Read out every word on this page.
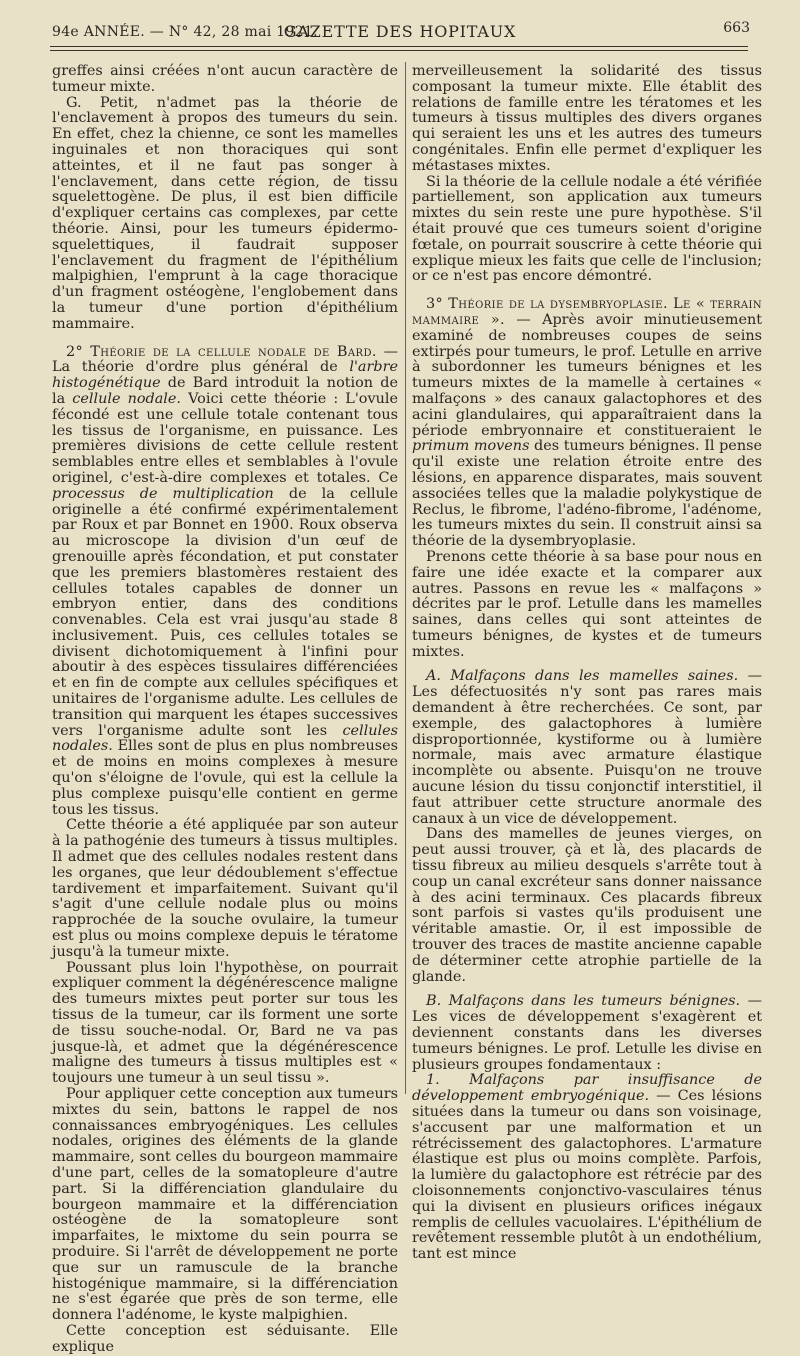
94e ANNÉE. — N° 42, 28 mai 1921.
GAZETTE DES HOPITAUX	663

greffes ainsi créées n'ont aucun caractère de tumeur mixte.

G. Petit, n'admet pas la théorie de l'enclavement à propos des tumeurs du sein. En effet, chez la chienne, ce sont les mamelles inguinales et non thoraciques qui sont atteintes, et il ne faut pas songer à l'enclavement, dans cette région, de tissu squelettogène. De plus, il est bien difficile d'expliquer certains cas complexes, par cette théorie. Ainsi, pour les tumeurs épidermo-squelettiques, il faudrait supposer l'enclavement du fragment de l'épithélium malpighien, l'emprunt à la cage thoracique d'un fragment ostéogène, l'englobement dans la tumeur d'une portion d'épithélium mammaire.

2° Théorie de la cellule nodale de Bard. — La théorie d'ordre plus général de l'arbre histogénétique de Bard introduit la notion de la cellule nodale. Voici cette théorie : L'ovule fécondé est une cellule totale contenant tous les tissus de l'organisme, en puissance. Les premières divisions de cette cellule restent semblables entre elles et semblables à l'ovule originel, c'est-à-dire complexes et totales. Ce processus de multiplication de la cellule originelle a été confirmé expérimentalement par Roux et par Bonnet en 1900. Roux observa au microscope la division d'un œuf de grenouille après fécondation, et put constater que les premiers blastomères restaient des cellules totales capables de donner un embryon entier, dans des conditions convenables. Cela est vrai jusqu'au stade 8 inclusivement. Puis, ces cellules totales se divisent dichotomiquement à l'infini pour aboutir à des espèces tissulaires différenciées et en fin de compte aux cellules spécifiques et unitaires de l'organisme adulte. Les cellules de transition qui marquent les étapes successives vers l'organisme adulte sont les cellules nodales. Elles sont de plus en plus nombreuses et de moins en moins complexes à mesure qu'on s'éloigne de l'ovule, qui est la cellule la plus complexe puisqu'elle contient en germe tous les tissus.

Cette théorie a été appliquée par son auteur à la pathogénie des tumeurs à tissus multiples. Il admet que des cellules nodales restent dans les organes, que leur dédoublement s'effectue tardivement et imparfaitement. Suivant qu'il s'agit d'une cellule nodale plus ou moins rapprochée de la souche ovulaire, la tumeur est plus ou moins complexe depuis le tératome jusqu'à la tumeur mixte.

Poussant plus loin l'hypothèse, on pourrait expliquer comment la dégénérescence maligne des tumeurs mixtes peut porter sur tous les tissus de la tumeur, car ils forment une sorte de tissu souche-nodal. Or, Bard ne va pas jusque-là, et admet que la dégénérescence maligne des tumeurs à tissus multiples est « toujours une tumeur à un seul tissu ».

Pour appliquer cette conception aux tumeurs mixtes du sein, battons le rappel de nos connaissances embryogéniques. Les cellules nodales, origines des éléments de la glande mammaire, sont celles du bourgeon mammaire d'une part, celles de la somatopleure d'autre part. Si la différenciation glandulaire du bourgeon mammaire et la différenciation ostéogène de la somatopleure sont imparfaites, le mixtome du sein pourra se produire. Si l'arrêt de développement ne porte que sur un ramuscule de la branche histogénique mammaire, si la différenciation ne s'est égarée que près de son terme, elle donnera l'adénome, le kyste malpighien.

Cette conception est séduisante. Elle explique

merveilleusement la solidarité des tissus composant la tumeur mixte. Elle établit des relations de famille entre les tératomes et les tumeurs à tissus multiples des divers organes qui seraient les uns et les autres des tumeurs congénitales. Enfin elle permet d'expliquer les métastases mixtes.

Si la théorie de la cellule nodale a été vérifiée partiellement, son application aux tumeurs mixtes du sein reste une pure hypothèse. S'il était prouvé que ces tumeurs soient d'origine fœtale, on pourrait souscrire à cette théorie qui explique mieux les faits que celle de l'inclusion; or ce n'est pas encore démontré.

3° Théorie de la dysembryoplasie. Le « terrain mammaire ». — Après avoir minutieusement examiné de nombreuses coupes de seins extirpés pour tumeurs, le prof. Letulle en arrive à subordonner les tumeurs bénignes et les tumeurs mixtes de la mamelle à certaines « malfaçons » des canaux galactophores et des acini glandulaires, qui apparaîtraient dans la période embryonnaire et constitueraient le primum movens des tumeurs bénignes. Il pense qu'il existe une relation étroite entre des lésions, en apparence disparates, mais souvent associées telles que la maladie polykystique de Reclus, le fibrome, l'adéno-fibrome, l'adénome, les tumeurs mixtes du sein. Il construit ainsi sa théorie de la dysembryoplasie.

Prenons cette théorie à sa base pour nous en faire une idée exacte et la comparer aux autres. Passons en revue les « malfaçons » décrites par le prof. Letulle dans les mamelles saines, dans celles qui sont atteintes de tumeurs bénignes, de kystes et de tumeurs mixtes.

A. Malfaçons dans les mamelles saines. — Les défectuosités n'y sont pas rares mais demandent à être recherchées. Ce sont, par exemple, des galactophores à lumière disproportionnée, kystiforme ou à lumière normale, mais avec armature élastique incomplète ou absente. Puisqu'on ne trouve aucune lésion du tissu conjonctif interstitiel, il faut attribuer cette structure anormale des canaux à un vice de développement.

Dans des mamelles de jeunes vierges, on peut aussi trouver, çà et là, des placards de tissu fibreux au milieu desquels s'arrête tout à coup un canal excréteur sans donner naissance à des acini terminaux. Ces placards fibreux sont parfois si vastes qu'ils produisent une véritable amastie. Or, il est impossible de trouver des traces de mastite ancienne capable de déterminer cette atrophie partielle de la glande.

B. Malfaçons dans les tumeurs bénignes. — Les vices de développement s'exagèrent et deviennent constants dans les diverses tumeurs bénignes. Le prof. Letulle les divise en plusieurs groupes fondamentaux :

1. Malfaçons par insuffisance de développement embryogénique. — Ces lésions situées dans la tumeur ou dans son voisinage, s'accusent par une malformation et un rétrécissement des galactophores. L'armature élastique est plus ou moins complète. Parfois, la lumière du galactophore est rétrécie par des cloisonnements conjonctivo-vasculaires ténus qui la divisent en plusieurs orifices inégaux remplis de cellules vacuolaires. L'épithélium de revêtement ressemble plutôt à un endothélium, tant est mince
